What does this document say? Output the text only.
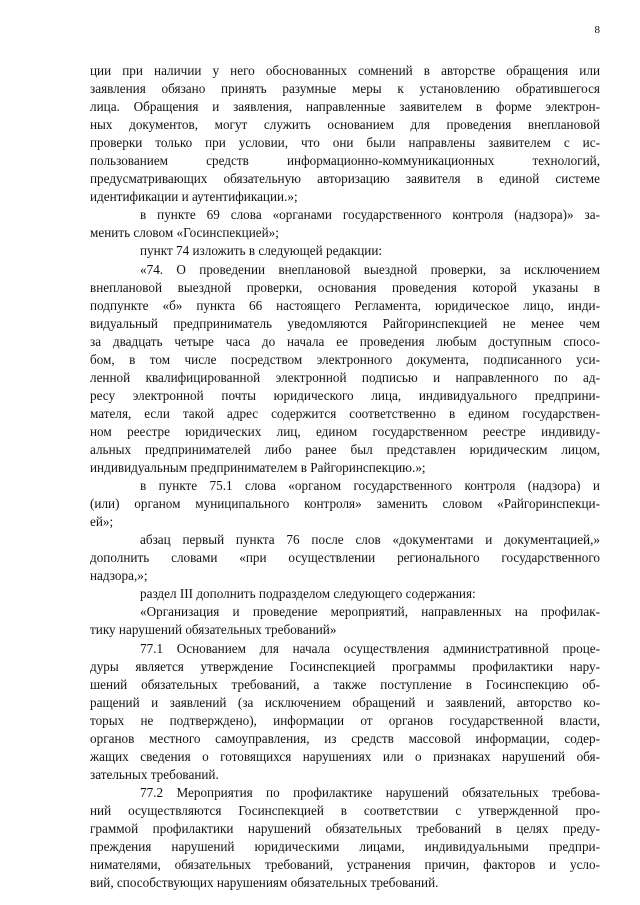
8
ции при наличии у него обоснованных сомнений в авторстве обращения или
заявления обязано принять разумные меры к установлению обратившегося
лица. Обращения и заявления, направленные заявителем в форме электрон-
ных документов, могут служить основанием для проведения внеплановой
проверки только при условии, что они были направлены заявителем с ис-
пользованием средств информационно-коммуникационных технологий,
предусматривающих обязательную авторизацию заявителя в единой системе
идентификации и аутентификации.»;
в пункте 69 слова «органами государственного контроля (надзора)» за-
менить словом «Госинспекцией»;
пункт 74 изложить в следующей редакции:
«74. О проведении внеплановой выездной проверки, за исключением
внеплановой выездной проверки, основания проведения которой указаны в
подпункте «б» пункта 66 настоящего Регламента, юридическое лицо, инди-
видуальный предприниматель уведомляются Райгоринспекцией не менее чем
за двадцать четыре часа до начала ее проведения любым доступным спосо-
бом, в том числе посредством электронного документа, подписанного уси-
ленной квалифицированной электронной подписью и направленного по ад-
ресу электронной почты юридического лица, индивидуального предприни-
мателя, если такой адрес содержится соответственно в едином государствен-
ном реестре юридических лиц, едином государственном реестре индивиду-
альных предпринимателей либо ранее был представлен юридическим лицом,
индивидуальным предпринимателем в Райгоринспекцию.»;
в пункте 75.1 слова «органом государственного контроля (надзора) и
(или) органом муниципального контроля» заменить словом «Райгоринспекци-
ей»;
абзац первый пункта 76 после слов «документами и документацией,»
дополнить словами «при осуществлении регионального государственного
надзора,»;
раздел III дополнить подразделом следующего содержания:
«Организация и проведение мероприятий, направленных на профилак-
тику нарушений обязательных требований»
77.1 Основанием для начала осуществления административной проце-
дуры является утверждение Госинспекцией программы профилактики нару-
шений обязательных требований, а также поступление в Госинспекцию об-
ращений и заявлений (за исключением обращений и заявлений, авторство ко-
торых не подтверждено), информации от органов государственной власти,
органов местного самоуправления, из средств массовой информации, содер-
жащих сведения о готовящихся нарушениях или о признаках нарушений обя-
зательных требований.
77.2 Мероприятия по профилактике нарушений обязательных требова-
ний осуществляются Госинспекцией в соответствии с утвержденной про-
граммой профилактики нарушений обязательных требований в целях преду-
преждения нарушений юридическими лицами, индивидуальными предпри-
нимателями, обязательных требований, устранения причин, факторов и усло-
вий, способствующих нарушениям обязательных требований.
